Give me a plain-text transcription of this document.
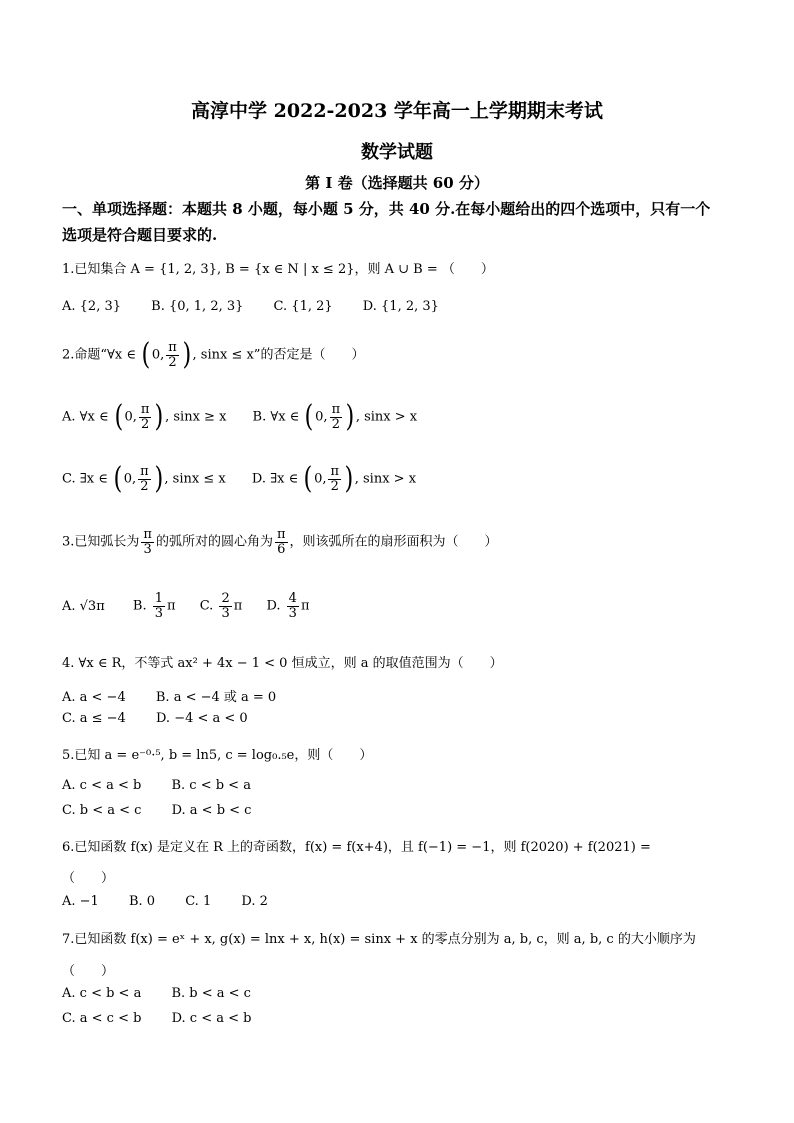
高淳中学 2022-2023 学年高一上学期期末考试
数学试题
第 I 卷（选择题共 60 分）
一、单项选择题：本题共 8 小题，每小题 5 分，共 40 分.在每小题给出的四个选项中，只有一个
选项是符合题目要求的.
1.已知集合 A = {1, 2, 3}, B = {x ∈ N | x ≤ 2}，则 A ∪ B = （　　）
A. {2, 3} B. {0, 1, 2, 3} C. {1, 2} D. {1, 2, 3}
2.命题“∀x ∈ (0, $\frac{\pi}{2}$ ), sinx ≤ x”的否定是（　　）
A. ∀x ∈ (0, $\frac{\pi}{2}$ ), sinx ≥ x B. ∀x ∈ (0, $\frac{\pi}{2}$ ), sinx > x
C. ∃x ∈ (0, $\frac{\pi}{2}$ ), sinx ≤ x D. ∃x ∈ (0, $\frac{\pi}{2}$ ), sinx > x
3.已知弧长为 $\frac{\pi}{3}$ 的弧所对的圆心角为 $\frac{\pi}{6}$ ，则该弧所在的扇形面积为（　　）
A. √3π B. $\frac{1}{3}$ π C. $\frac{2}{3}$ π D. $\frac{4}{3}$ π
4. ∀x ∈ R，不等式 ax² + 4x − 1 < 0 恒成立，则 a 的取值范围为（　　）
A. a < −4 B. a < −4 或 a = 0
C. a ≤ −4 D. −4 < a < 0
5.已知 a = e⁻⁰·⁵, b = ln5, c = log₀.₅e，则（　　）
A. c < a < b B. c < b < a
C. b < a < c D. a < b < c
6.已知函数 f(x) 是定义在 R 上的奇函数，f(x) = f(x+4)，且 f(−1) = −1，则 f(2020) + f(2021) =
（　　）
A. −1 B. 0 C. 1 D. 2
7.已知函数 f(x) = eˣ + x, g(x) = lnx + x, h(x) = sinx + x 的零点分别为 a, b, c，则 a, b, c 的大小顺序为
（　　）
A. c < b < a B. b < a < c
C. a < c < b D. c < a < b
